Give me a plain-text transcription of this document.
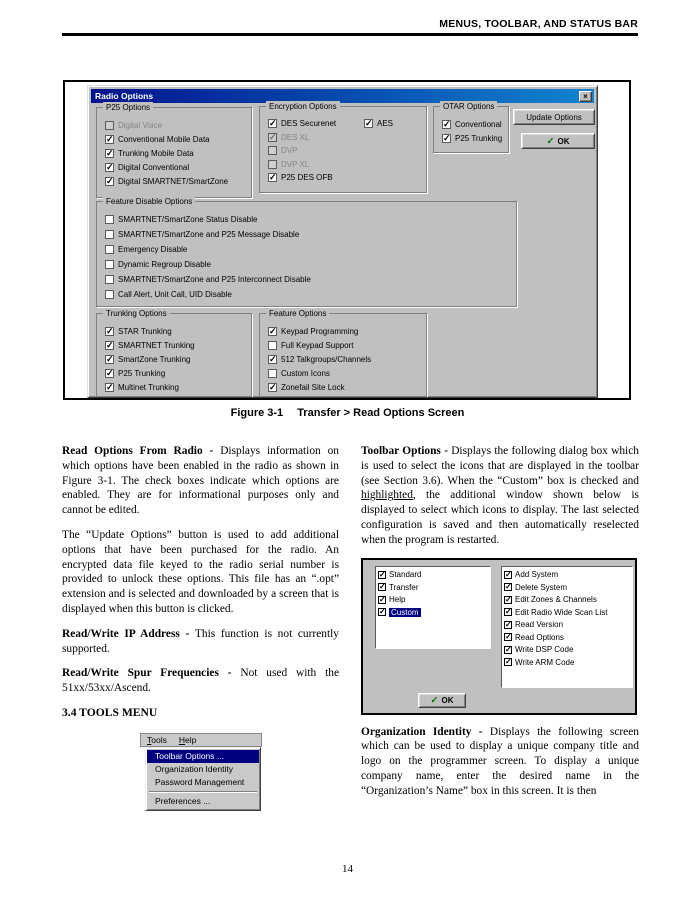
MENUS, TOOLBAR, AND STATUS BAR
Radio Options	×
P25 Options
Digital Voice
✓ Conventional Mobile Data
✓ Trunking Mobile Data
✓ Digital Conventional
✓ Digital SMARTNET/SmartZone
Encryption Options
✓ DES Securenet
✓ DES XL
DVP
DVP XL
✓ P25 DES OFB
✓ AES
OTAR Options
✓ Conventional
✓ P25 Trunking
Update Options
✓ OK
Feature Disable Options
SMARTNET/SmartZone Status Disable
SMARTNET/SmartZone and P25 Message Disable
Emergency Disable
Dynamic Regroup Disable
SMARTNET/SmartZone and P25 Interconnect Disable
Call Alert, Unit Call, UID Disable
Trunking Options
✓ STAR Trunking
✓ SMARTNET Trunking
✓ SmartZone Trunking
✓ P25 Trunking
✓ Multinet Trunking
Feature Options
✓ Keypad Programming
Full Keypad Support
✓ 512 Talkgroups/Channels
Custom Icons
✓ Zonefail Site Lock
Figure 3-1 Transfer > Read Options Screen

Read Options From Radio - Displays information on which options have been enabled in the radio as shown in Figure 3-1. The check boxes indicate which options are enabled. They are for informational purposes only and cannot be edited.

The “Update Options” button is used to add additional options that have been purchased for the radio. An encrypted data file keyed to the radio serial number is provided to unlock these options. This file has an “.opt” extension and is selected and downloaded by a screen that is displayed when this button is clicked.

Read/Write IP Address - This function is not currently supported.

Read/Write Spur Frequencies - Not used with the 51xx/53xx/Ascend.

3.4 TOOLS MENU
Tools	Help
Toolbar Options ...
Organization Identity
Password Management
Preferences ...

Toolbar Options - Displays the following dialog box which is used to select the icons that are displayed in the toolbar (see Section 3.6). When the “Custom” box is checked and highlighted, the additional window shown below is displayed to select which icons to display. The last selected configuration is saved and then automatically reselected when the program is restarted.

✓ Standard
✓ Transfer
✓ Help
✓ Custom
✓ Add System
✓ Delete System
✓ Edit Zones & Channels
✓ Edit Radio Wide Scan List
✓ Read Version
✓ Read Options
✓ Write DSP Code
✓ Write ARM Code
✓ OK

Organization Identity - Displays the following screen which can be used to display a unique company title and logo on the programmer screen. To display a unique company name, enter the desired name in the “Organization’s Name” box in this screen. It is then

14
